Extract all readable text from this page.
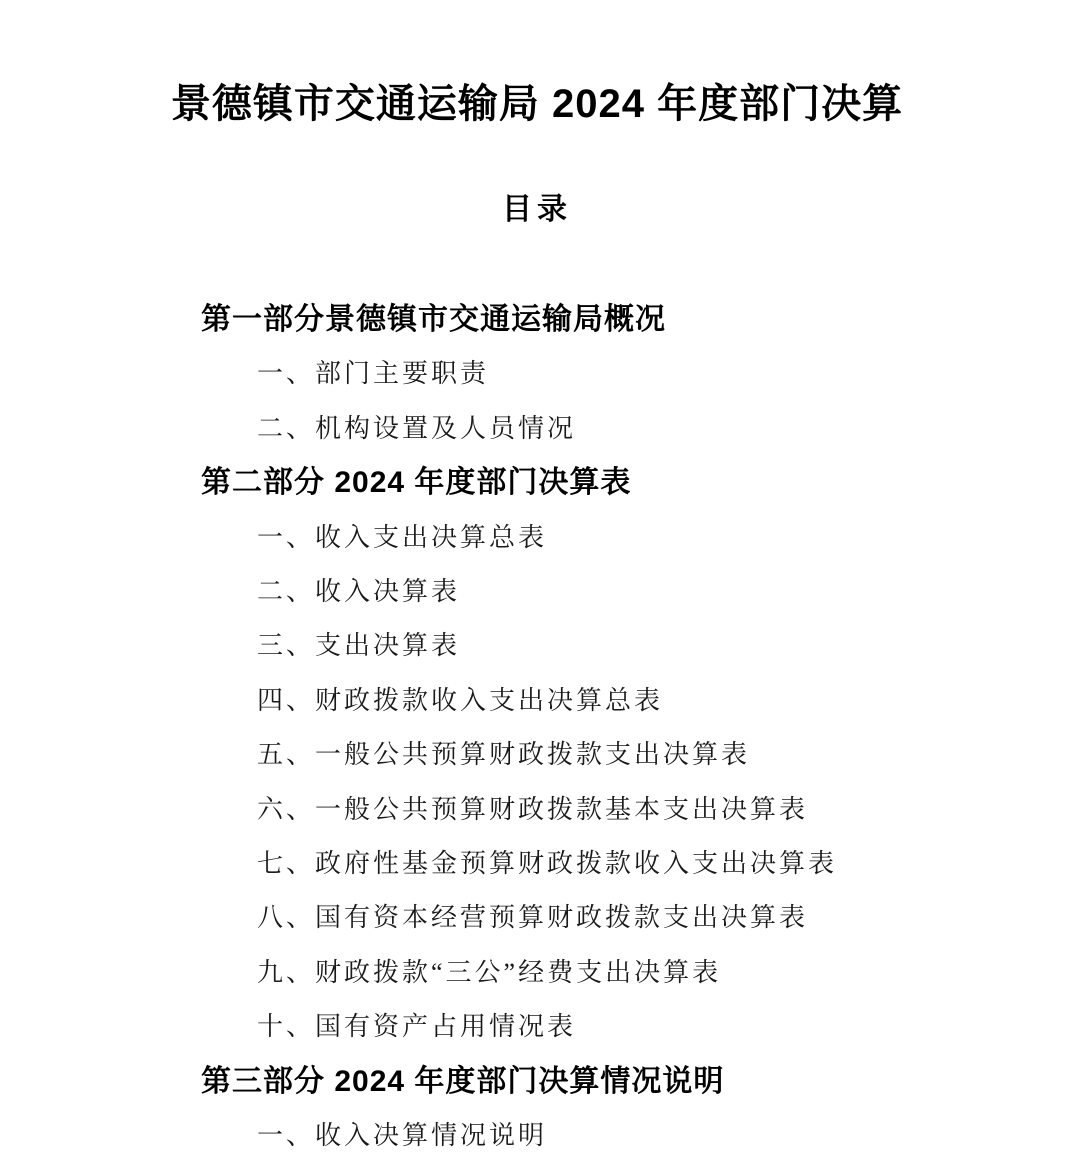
景德镇市交通运输局 2024 年度部门决算
目录
第一部分景德镇市交通运输局概况
一、部门主要职责
二、机构设置及人员情况
第二部分 2024 年度部门决算表
一、收入支出决算总表
二、收入决算表
三、支出决算表
四、财政拨款收入支出决算总表
五、一般公共预算财政拨款支出决算表
六、一般公共预算财政拨款基本支出决算表
七、政府性基金预算财政拨款收入支出决算表
八、国有资本经营预算财政拨款支出决算表
九、财政拨款“三公”经费支出决算表
十、国有资产占用情况表
第三部分 2024 年度部门决算情况说明
一、收入决算情况说明
